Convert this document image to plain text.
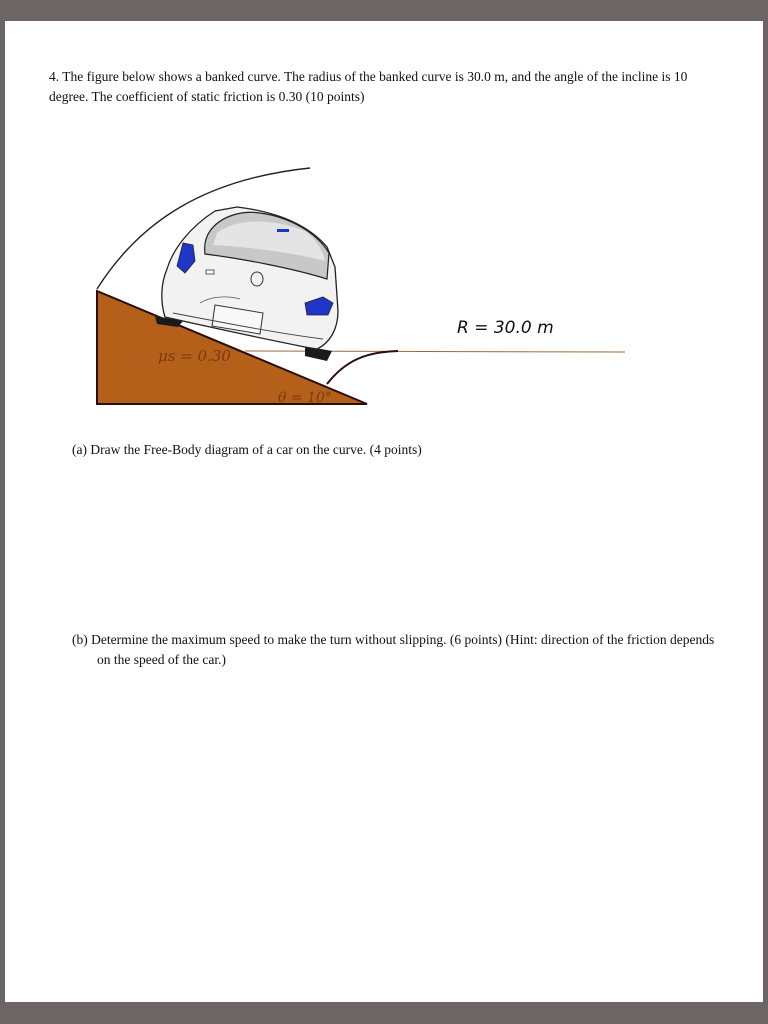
4. The figure below shows a banked curve. The radius of the banked curve is 30.0 m, and the angle of the incline is 10 degree. The coefficient of static friction is 0.30 (10 points)
μs = 0.30
θ = 10°
R = 30.0 m
(a) Draw the Free-Body diagram of a car on the curve. (4 points)
(b) Determine the maximum speed to make the turn without slipping. (6 points) (Hint: direction of the friction depends on the speed of the car.)
